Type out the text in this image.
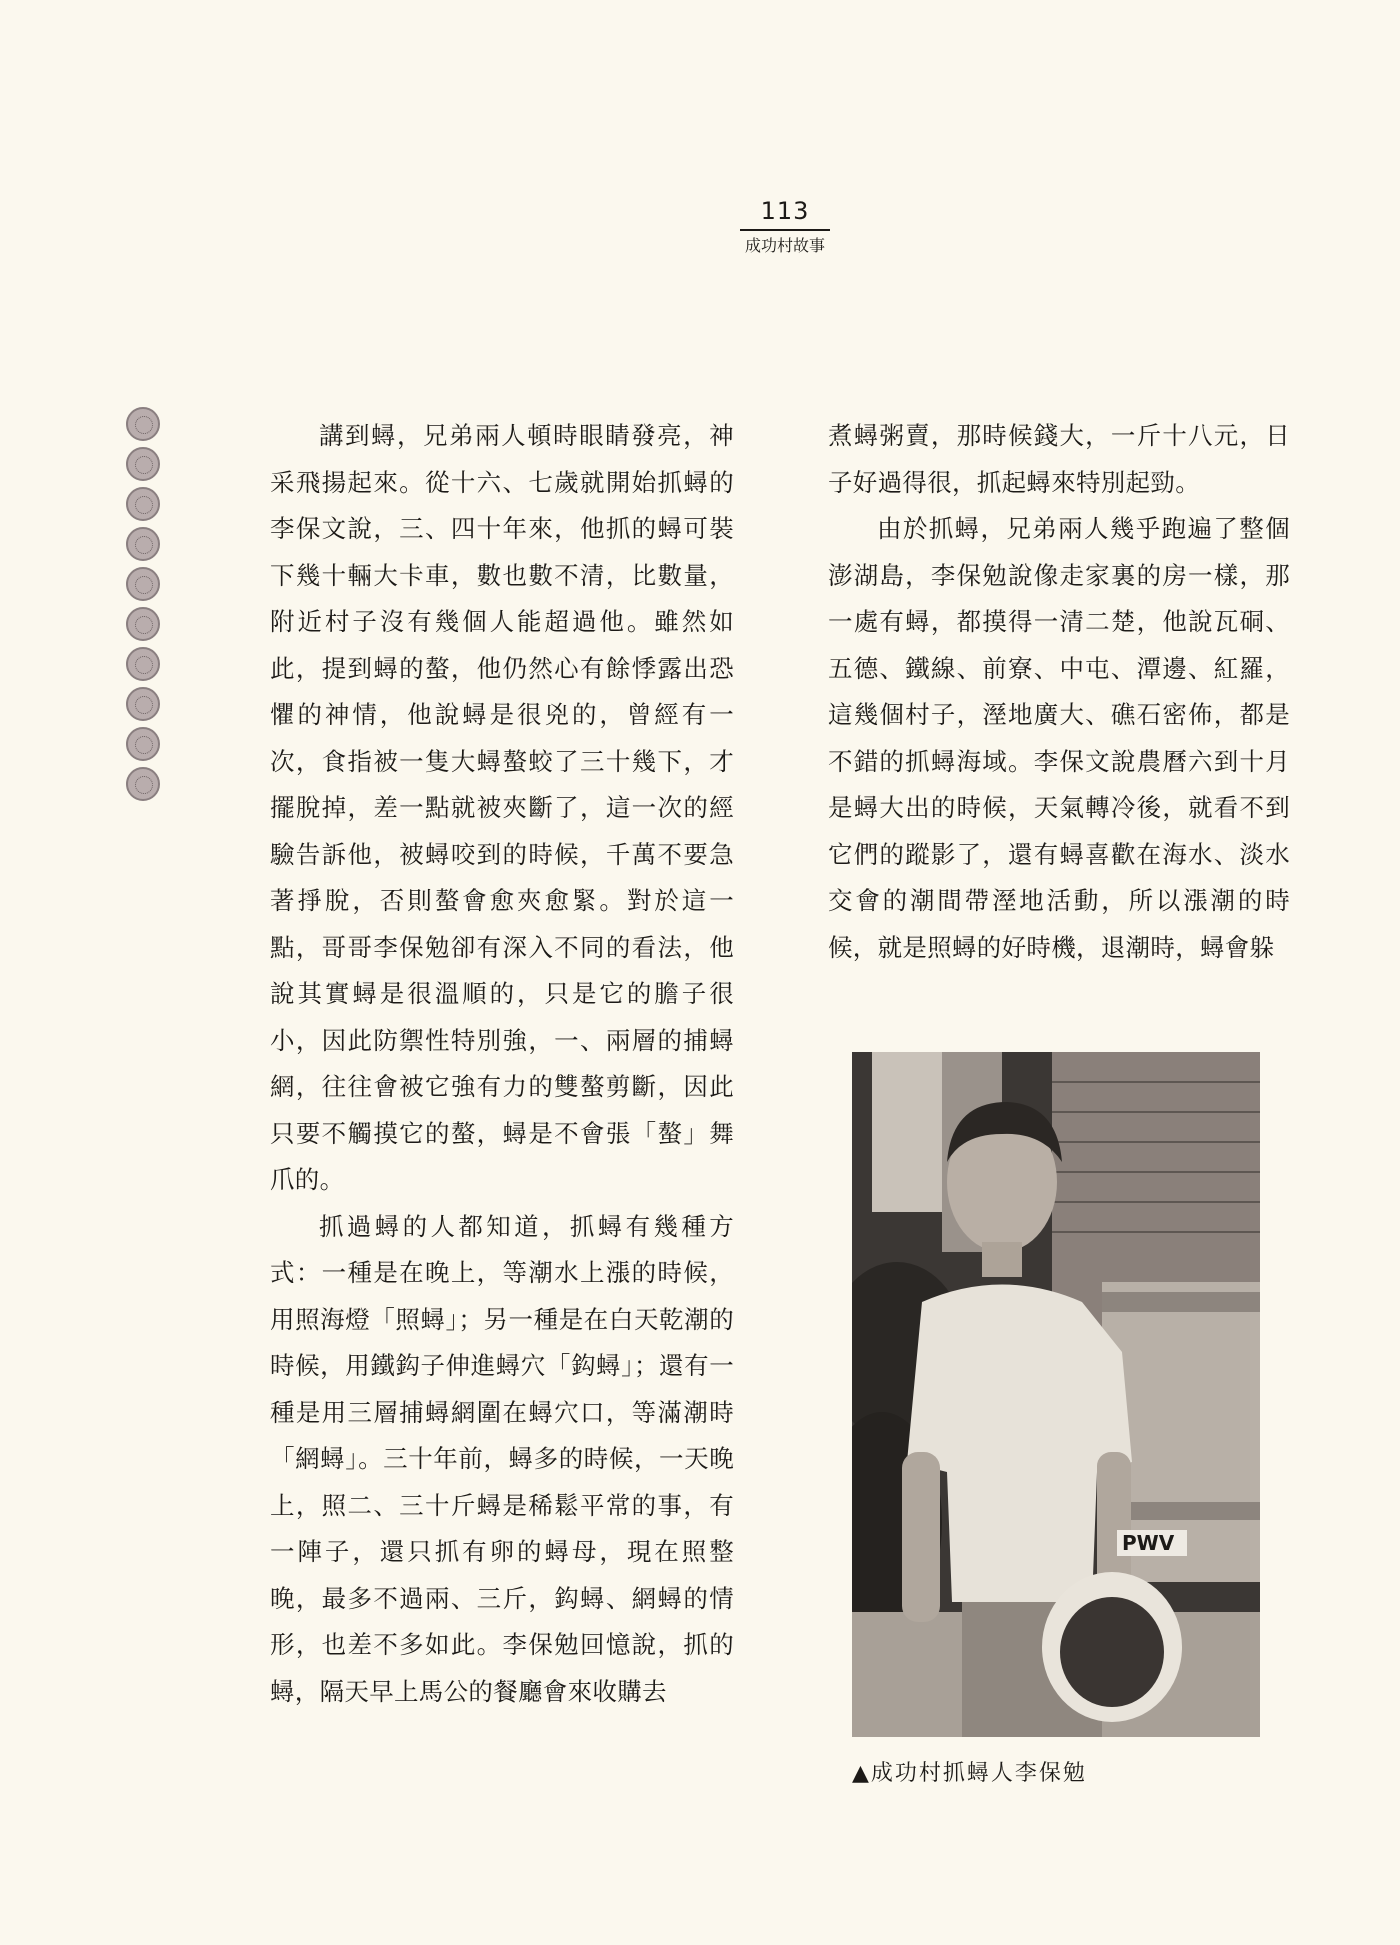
113
成功村故事

講到蟳，兄弟兩人頓時眼睛發亮，神采飛揚起來。從十六、七歲就開始抓蟳的李保文說，三、四十年來，他抓的蟳可裝下幾十輛大卡車，數也數不清，比數量，附近村子沒有幾個人能超過他。雖然如此，提到蟳的螯，他仍然心有餘悸露出恐懼的神情，他說蟳是很兇的，曾經有一次，食指被一隻大蟳螯蛟了三十幾下，才擺脫掉，差一點就被夾斷了，這一次的經驗告訴他，被蟳咬到的時候，千萬不要急著掙脫，否則螯會愈夾愈緊。對於這一點，哥哥李保勉卻有深入不同的看法，他說其實蟳是很溫順的，只是它的膽子很小，因此防禦性特別強，一、兩層的捕蟳網，往往會被它強有力的雙螯剪斷，因此只要不觸摸它的螯，蟳是不會張「螯」舞爪的。

抓過蟳的人都知道，抓蟳有幾種方式：一種是在晚上，等潮水上漲的時候，用照海燈「照蟳」；另一種是在白天乾潮的時候，用鐵鈎子伸進蟳穴「鈎蟳」；還有一種是用三層捕蟳網圍在蟳穴口，等滿潮時「網蟳」。三十年前，蟳多的時候，一天晚上，照二、三十斤蟳是稀鬆平常的事，有一陣子，還只抓有卵的蟳母，現在照整晚，最多不過兩、三斤，鈎蟳、網蟳的情形，也差不多如此。李保勉回憶說，抓的蟳，隔天早上馬公的餐廳會來收購去

煮蟳粥賣，那時候錢大，一斤十八元，日子好過得很，抓起蟳來特別起勁。

由於抓蟳，兄弟兩人幾乎跑遍了整個澎湖島，李保勉說像走家裏的房一樣，那一處有蟳，都摸得一清二楚，他說瓦硐、五德、鐵線、前寮、中屯、潭邊、紅羅，這幾個村子，溼地廣大、礁石密佈，都是不錯的抓蟳海域。李保文說農曆六到十月是蟳大出的時候，天氣轉冷後，就看不到它們的蹤影了，還有蟳喜歡在海水、淡水交會的潮間帶溼地活動，所以漲潮的時候，就是照蟳的好時機，退潮時，蟳會躲

PWV
▲成功村抓蟳人李保勉
